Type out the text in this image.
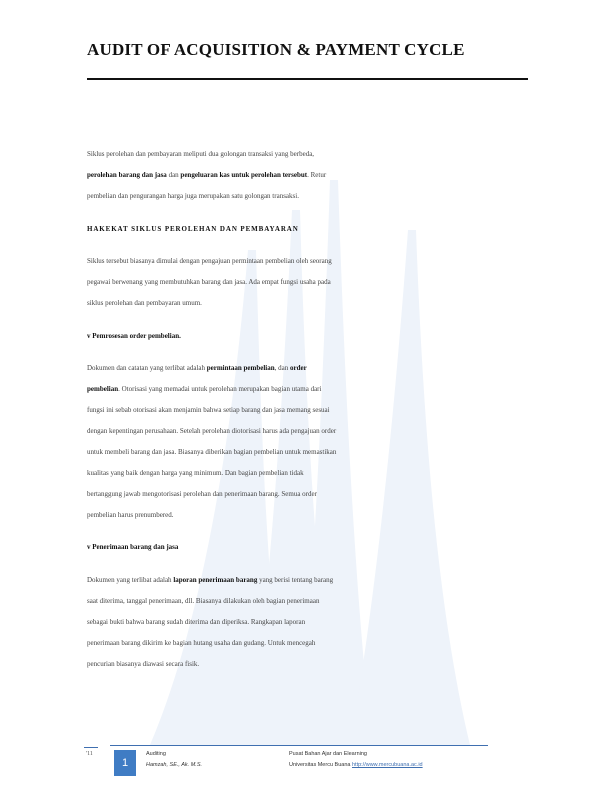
AUDIT OF ACQUISITION & PAYMENT CYCLE

Siklus perolehan dan pembayaran meliputi dua golongan transaksi yang berbeda,

perolehan barang dan jasa dan pengeluaran kas untuk perolehan tersebut. Retur

pembelian dan pengurangan harga juga merupakan satu golongan transaksi.

HAKEKAT SIKLUS PEROLEHAN DAN PEMBAYARAN

Siklus tersebut biasanya dimulai dengan pengajuan permintaan pembelian oleh seorang

pegawai berwenang yang membutuhkan barang dan jasa. Ada empat fungsi usaha pada

siklus perolehan dan pembayaran umum.

v Pemrosesan order pembelian.

Dokumen dan catatan yang terlibat adalah permintaan pembelian, dan order

pembelian. Otorisasi yang memadai untuk perolehan merupakan bagian utama dari

fungsi ini sebab otorisasi akan menjamin bahwa setiap barang dan jasa memang sesuai

dengan kepentingan perusahaan. Setelah perolehan diotorisasi harus ada pengajuan order

untuk membeli barang dan jasa. Biasanya diberikan bagian pembelian untuk memastikan

kualitas yang baik dengan harga yang minimum. Dan bagian pembelian tidak

bertanggung jawab mengotorisasi perolehan dan penerimaan barang. Semua order

pembelian harus prenumbered.

v Penerimaan barang dan jasa

Dokumen yang terlibat adalah laporan penerimaan barang yang berisi tentang barang

saat diterima, tanggal penerimaan, dll. Biasanya dilakukan oleh bagian penerimaan

sebagai bukti bahwa barang sudah diterima dan diperiksa. Rangkapan laporan

penerimaan barang dikirim ke bagian hutang usaha dan gudang. Untuk mencegah

pencurian biasanya diawasi secara fisik.

'11
1
Auditing
Hamzah, SE., Ak. M.S.
Pusat Bahan Ajar dan Elearning
Universitas Mercu Buana http://www.mercubuana.ac.id
